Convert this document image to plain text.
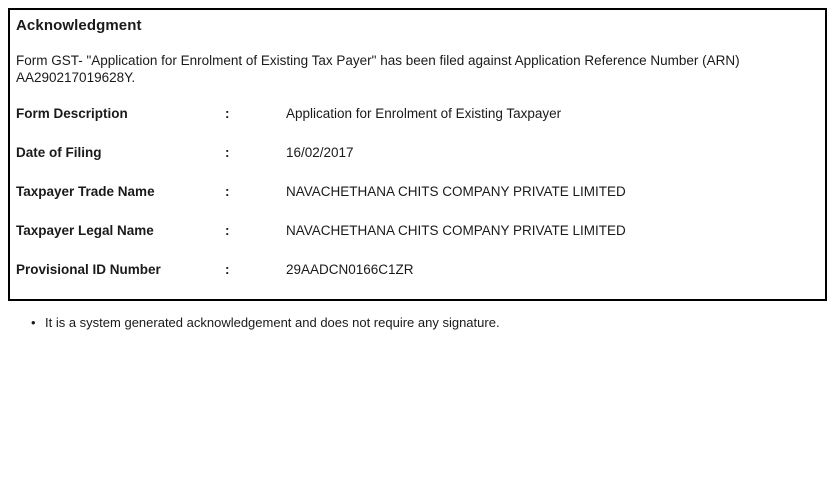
Acknowledgment
Form GST- "Application for Enrolment of Existing Tax Payer" has been filed against Application Reference Number (ARN) AA290217019628Y.
Form Description	:	Application for Enrolment of Existing Taxpayer
Date of Filing	:	16/02/2017
Taxpayer Trade Name	:	NAVACHETHANA CHITS COMPANY PRIVATE LIMITED
Taxpayer Legal Name	:	NAVACHETHANA CHITS COMPANY PRIVATE LIMITED
Provisional ID Number	:	29AADCN0166C1ZR
• It is a system generated acknowledgement and does not require any signature.
